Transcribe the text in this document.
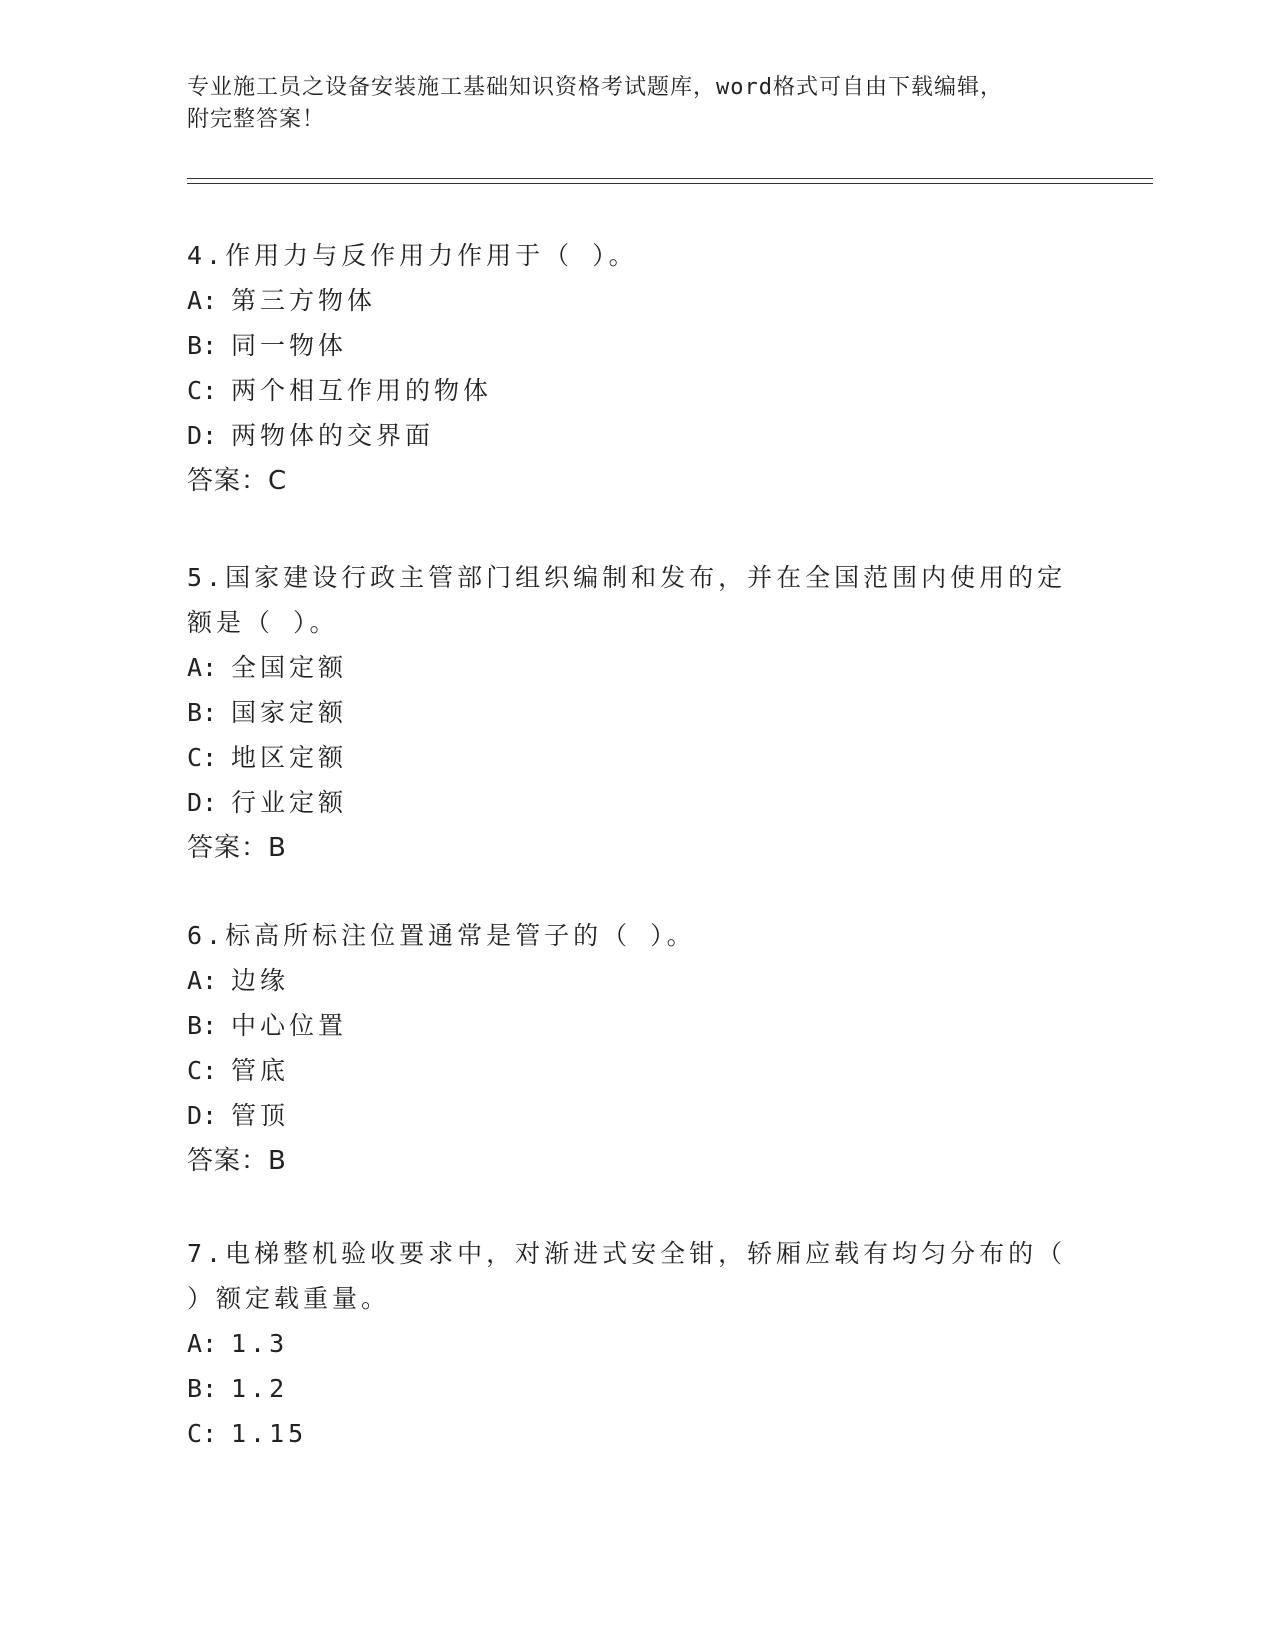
专业施工员之设备安装施工基础知识资格考试题库，word格式可自由下载编辑，
附完整答案！

4.作用力与反作用力作用于（ ）。

A: 第三方物体

B: 同一物体

C: 两个相互作用的物体

D: 两物体的交界面

答案：C

5.国家建设行政主管部门组织编制和发布，并在全国范围内使用的定

额是（ ）。

A: 全国定额

B: 国家定额

C: 地区定额

D: 行业定额

答案：B

6.标高所标注位置通常是管子的（ ）。

A: 边缘

B: 中心位置

C: 管底

D: 管顶

答案：B

7.电梯整机验收要求中，对渐进式安全钳，轿厢应载有均匀分布的（

）额定载重量。

A: 1.3

B: 1.2

C: 1.15
